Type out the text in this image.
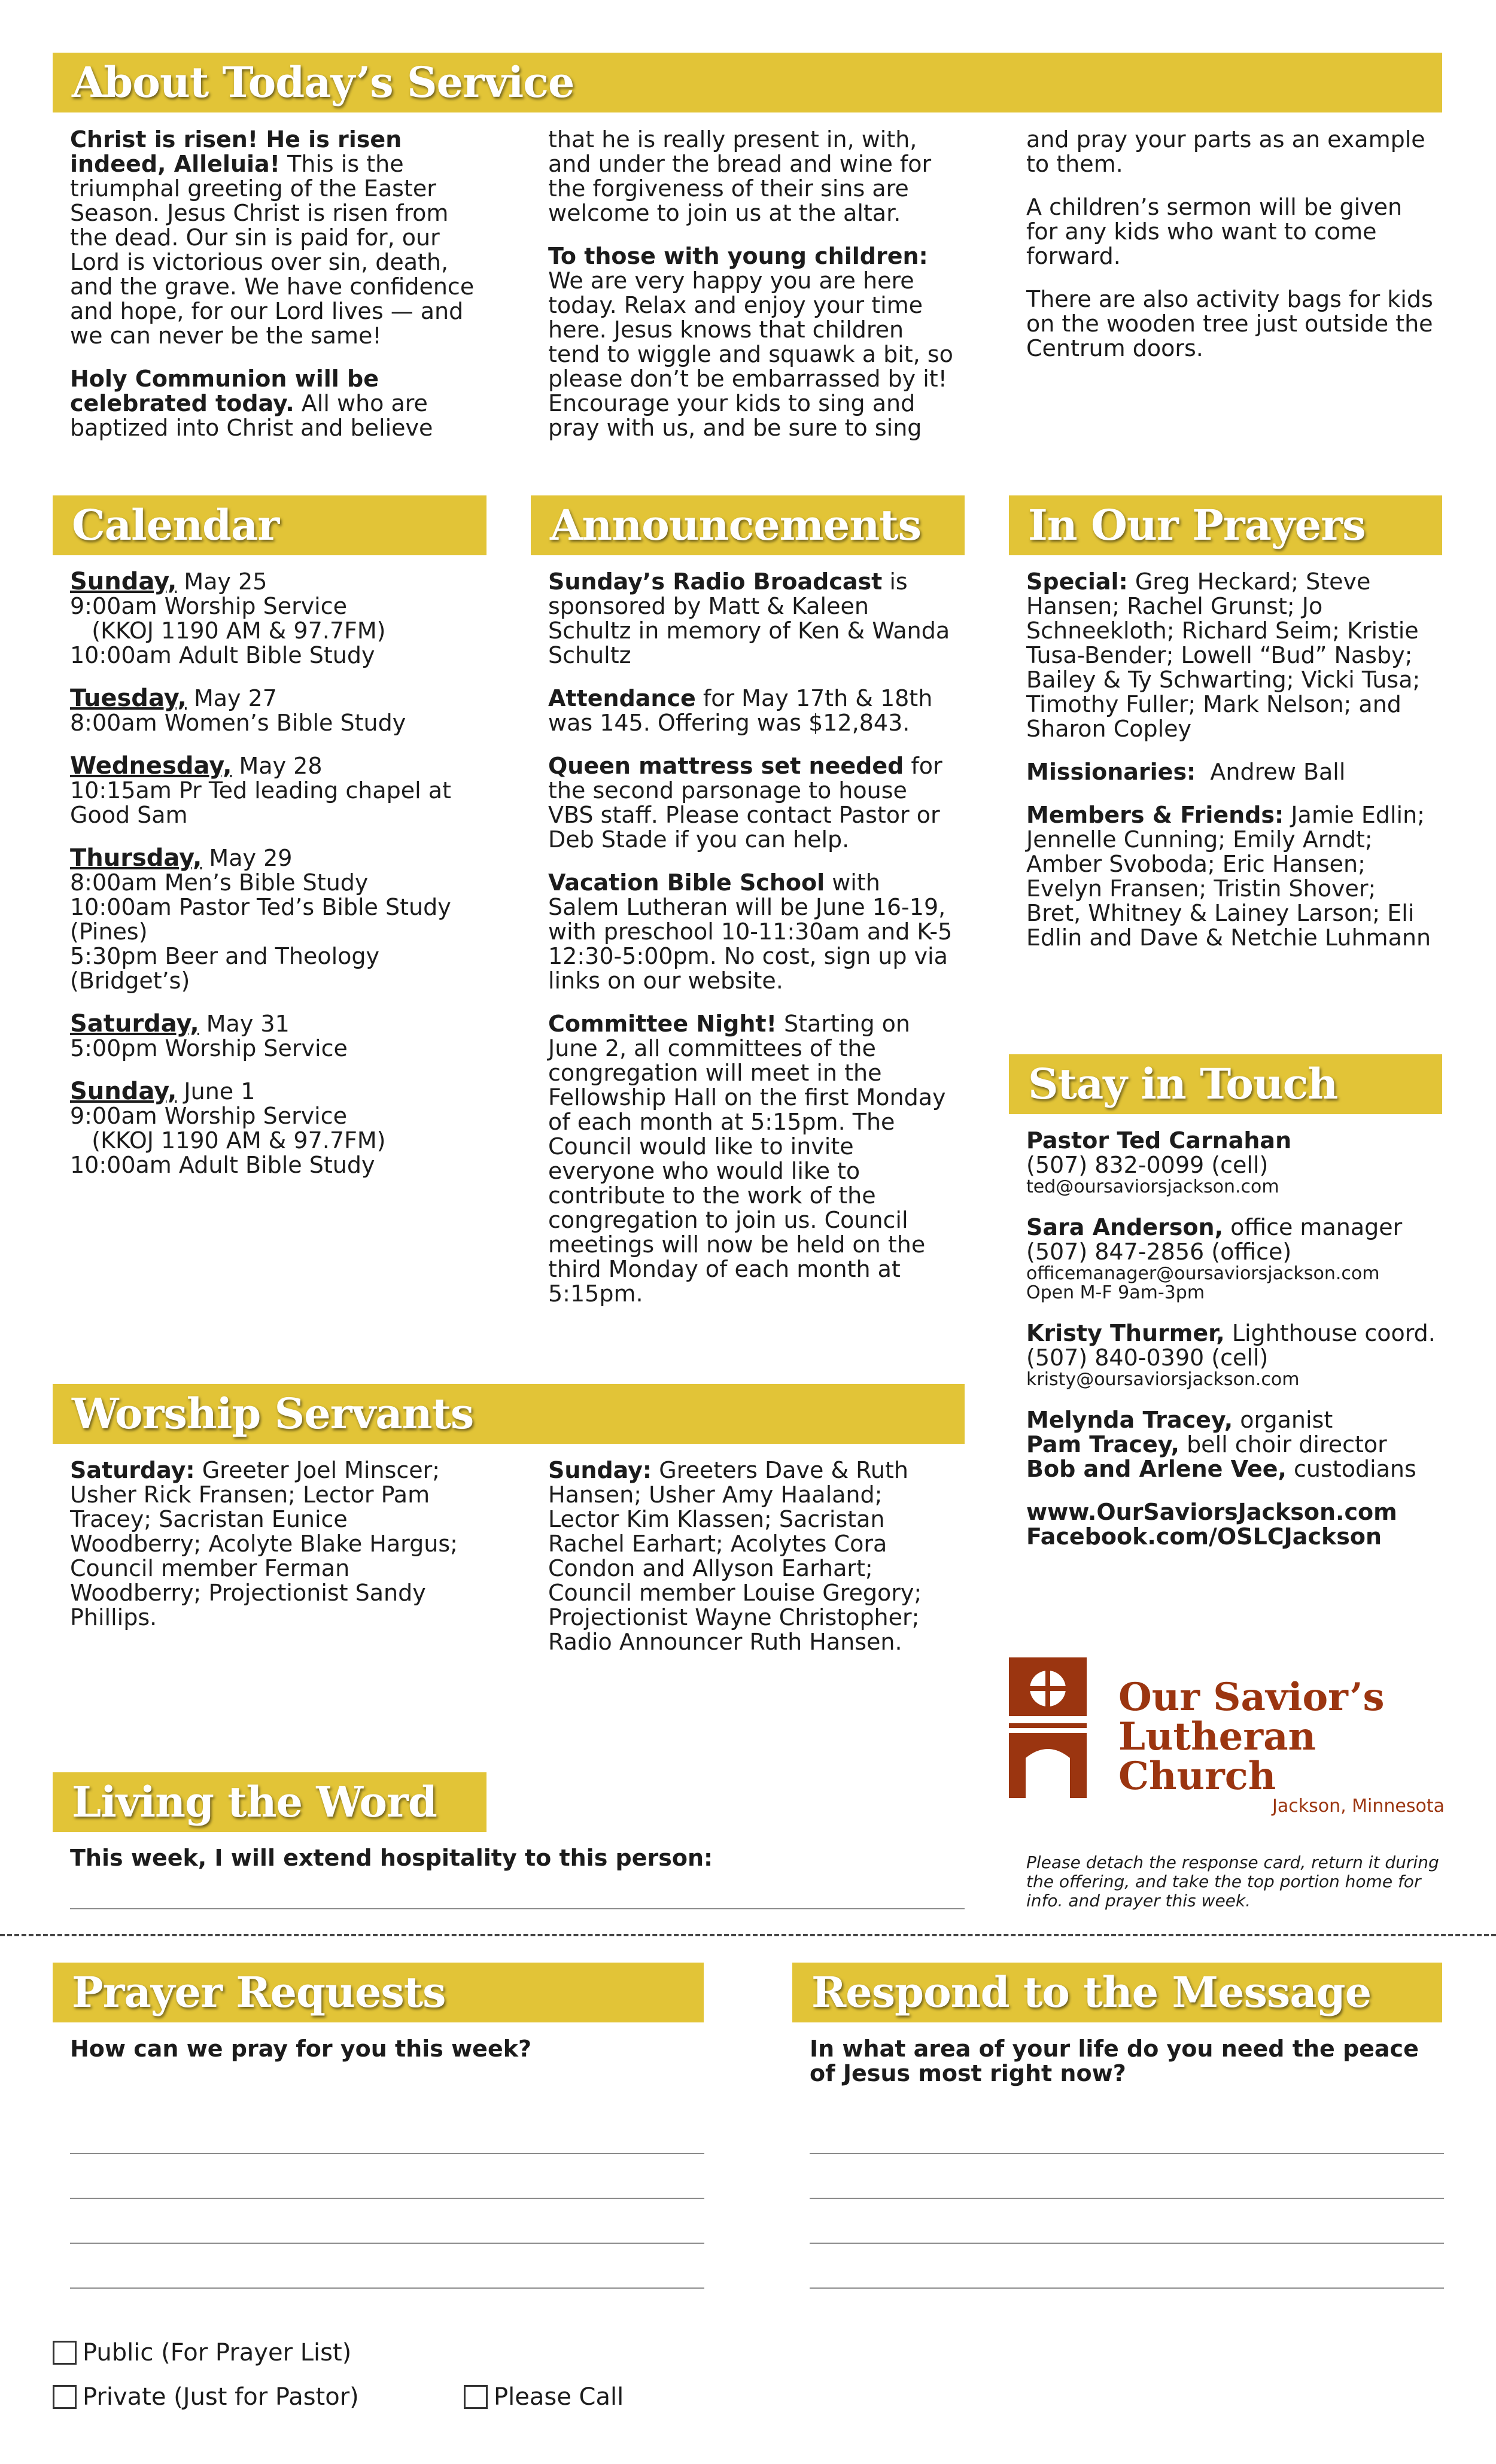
About Today’s Service

Christ is risen! He is risen indeed, Alleluia! This is the triumphal greeting of the Easter Season. Jesus Christ is risen from the dead. Our sin is paid for, our Lord is victorious over sin, death, and the grave. We have confidence and hope, for our Lord lives — and we can never be the same!

Holy Communion will be celebrated today. All who are baptized into Christ and believe

that he is really present in, with, and under the bread and wine for the forgiveness of their sins are welcome to join us at the altar.

To those with young children: We are very happy you are here today. Relax and enjoy your time here. Jesus knows that children tend to wiggle and squawk a bit, so please don’t be embarrassed by it! Encourage your kids to sing and pray with us, and be sure to sing

and pray your parts as an example to them.

A children’s sermon will be given for any kids who want to come forward.

There are also activity bags for kids on the wooden tree just outside the Centrum doors.

Calendar

Sunday, May 25
9:00am Worship Service
(KKOJ 1190 AM & 97.7FM)
10:00am Adult Bible Study

Tuesday, May 27
8:00am Women’s Bible Study

Wednesday, May 28
10:15am Pr Ted leading chapel at Good Sam

Thursday, May 29
8:00am Men’s Bible Study
10:00am Pastor Ted’s Bible Study (Pines)
5:30pm Beer and Theology (Bridget’s)

Saturday, May 31
5:00pm Worship Service

Sunday, June 1
9:00am Worship Service
(KKOJ 1190 AM & 97.7FM)
10:00am Adult Bible Study

Announcements

Sunday’s Radio Broadcast is sponsored by Matt & Kaleen Schultz in memory of Ken & Wanda Schultz

Attendance for May 17th & 18th was 145. Offering was $12,843.

Queen mattress set needed for the second parsonage to house VBS staff. Please contact Pastor or Deb Stade if you can help.

Vacation Bible School with Salem Lutheran will be June 16-19, with preschool 10-11:30am and K-5 12:30-5:00pm. No cost, sign up via links on our website.

Committee Night! Starting on June 2, all committees of the congregation will meet in the Fellowship Hall on the first Monday of each month at 5:15pm. The Council would like to invite everyone who would like to contribute to the work of the congregation to join us. Council meetings will now be held on the third Monday of each month at 5:15pm.

In Our Prayers

Special: Greg Heckard; Steve Hansen; Rachel Grunst; Jo Schneekloth; Richard Seim; Kristie Tusa-Bender; Lowell “Bud” Nasby; Bailey & Ty Schwarting; Vicki Tusa; Timothy Fuller; Mark Nelson; and Sharon Copley

Missionaries:  Andrew Ball

Members & Friends: Jamie Edlin; Jennelle Cunning; Emily Arndt; Amber Svoboda; Eric Hansen; Evelyn Fransen; Tristin Shover; Bret, Whitney & Lainey Larson; Eli Edlin and Dave & Netchie Luhmann

Stay in Touch

Pastor Ted Carnahan
(507) 832-0099 (cell)

ted@oursaviorsjackson.com

Sara Anderson, office manager
(507) 847-2856 (office)

officemanager@oursaviorsjackson.com
Open M-F 9am-3pm

Kristy Thurmer, Lighthouse coord.
(507) 840-0390 (cell)

kristy@oursaviorsjackson.com

Melynda Tracey, organist
Pam Tracey, bell choir director
Bob and Arlene Vee, custodians

www.OurSaviorsJackson.com
Facebook.com/OSLCJackson

Worship Servants

Saturday: Greeter Joel Minscer; Usher Rick Fransen; Lector Pam Tracey; Sacristan Eunice Woodberry; Acolyte Blake Hargus; Council member Ferman Woodberry; Projectionist Sandy Phillips.

Sunday: Greeters Dave & Ruth Hansen; Usher Amy Haaland; Lector Kim Klassen; Sacristan Rachel Earhart; Acolytes Cora Condon and Allyson Earhart; Council member Louise Gregory; Projectionist Wayne Christopher; Radio Announcer Ruth Hansen.

Our Savior’s
Lutheran Church
Jackson, Minnesota
Living the Word
This week, I will extend hospitality to this person:	Please detach the response card, return it during the offering, and take the top portion home for info. and prayer this week.
Prayer Requests
How can we pray for you this week?
Respond to the Message
In what area of your life do you need the peace of Jesus most right now?
Public (For Prayer List)
Private (Just for Pastor)	Please Call
